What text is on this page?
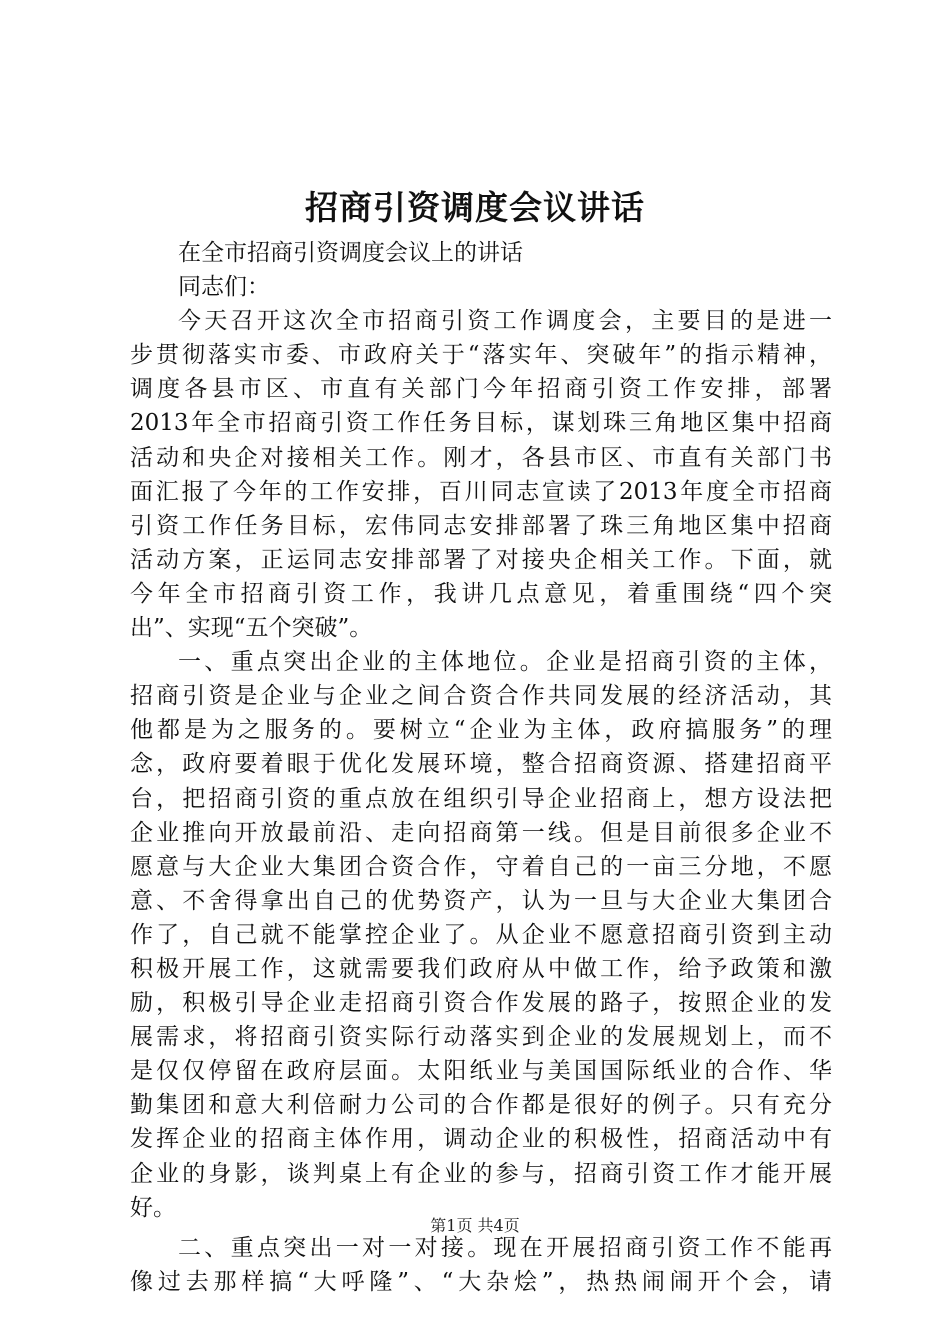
招商引资调度会议讲话
在全市招商引资调度会议上的讲话
同志们：
今天召开这次全市招商引资工作调度会，主要目的是进一
步贯彻落实市委、市政府关于“落实年、突破年”的指示精神，
调度各县市区、市直有关部门今年招商引资工作安排，部署
2013年全市招商引资工作任务目标，谋划珠三角地区集中招商
活动和央企对接相关工作。刚才，各县市区、市直有关部门书
面汇报了今年的工作安排，百川同志宣读了2013年度全市招商
引资工作任务目标，宏伟同志安排部署了珠三角地区集中招商
活动方案，正运同志安排部署了对接央企相关工作。下面，就
今年全市招商引资工作，我讲几点意见，着重围绕“四个突
出”、实现“五个突破”。
一、重点突出企业的主体地位。企业是招商引资的主体，
招商引资是企业与企业之间合资合作共同发展的经济活动，其
他都是为之服务的。要树立“企业为主体，政府搞服务”的理
念，政府要着眼于优化发展环境，整合招商资源、搭建招商平
台，把招商引资的重点放在组织引导企业招商上，想方设法把
企业推向开放最前沿、走向招商第一线。但是目前很多企业不
愿意与大企业大集团合资合作，守着自己的一亩三分地，不愿
意、不舍得拿出自己的优势资产，认为一旦与大企业大集团合
作了，自己就不能掌控企业了。从企业不愿意招商引资到主动
积极开展工作，这就需要我们政府从中做工作，给予政策和激
励，积极引导企业走招商引资合作发展的路子，按照企业的发
展需求，将招商引资实际行动落实到企业的发展规划上，而不
是仅仅停留在政府层面。太阳纸业与美国国际纸业的合作、华
勤集团和意大利倍耐力公司的合作都是很好的例子。只有充分
发挥企业的招商主体作用，调动企业的积极性，招商活动中有
企业的身影，谈判桌上有企业的参与，招商引资工作才能开展
好。
二、重点突出一对一对接。现在开展招商引资工作不能再
像过去那样搞“大呼隆”、“大杂烩”，热热闹闹开个会，请
第1页 共4页
